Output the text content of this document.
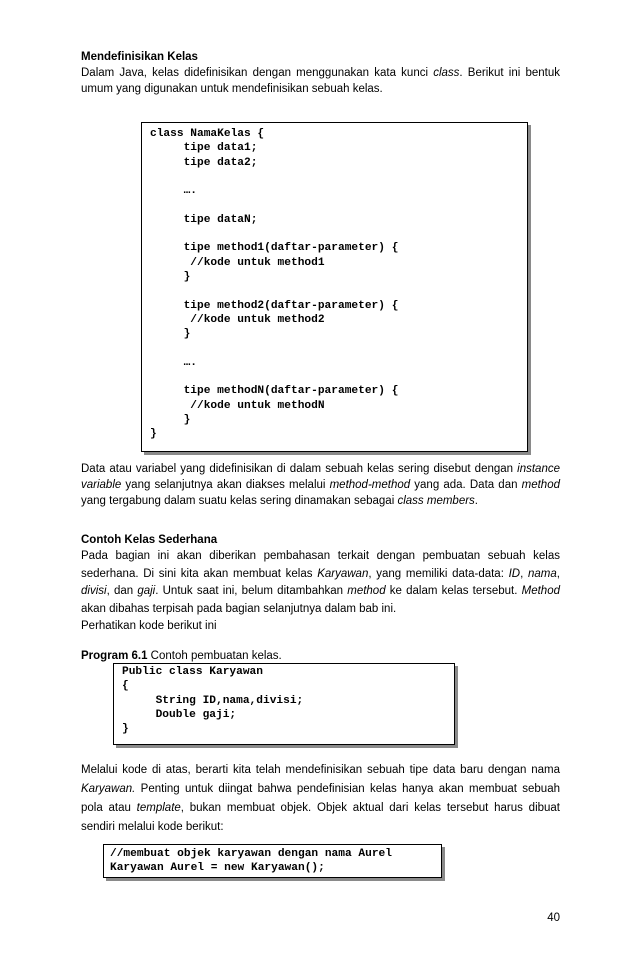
Mendefinisikan Kelas

Dalam Java, kelas didefinisikan dengan menggunakan kata kunci class. Berikut ini bentuk umum yang digunakan untuk mendefinisikan sebuah kelas.

class NamaKelas {
tipe data1;
tipe data2;

….

tipe dataN;

tipe method1(daftar-parameter) {
//kode untuk method1
}

tipe method2(daftar-parameter) {
//kode untuk method2
}

….

tipe methodN(daftar-parameter) {
//kode untuk methodN
}
}

Data atau variabel yang didefinisikan di dalam sebuah kelas sering disebut dengan instance variable yang selanjutnya akan diakses melalui method-method yang ada. Data dan method yang tergabung dalam suatu kelas sering dinamakan sebagai class members.

Contoh Kelas Sederhana

Pada bagian ini akan diberikan pembahasan terkait dengan pembuatan sebuah kelas sederhana. Di sini kita akan membuat kelas Karyawan, yang memiliki data-data: ID, nama, divisi, dan gaji. Untuk saat ini, belum ditambahkan method ke dalam kelas tersebut. Method akan dibahas terpisah pada bagian selanjutnya dalam bab ini.
Perhatikan kode berikut ini

Program 6.1 Contoh pembuatan kelas.

Public class Karyawan
{
String ID,nama,divisi;
Double gaji;
}

Melalui kode di atas, berarti kita telah mendefinisikan sebuah tipe data baru dengan nama Karyawan. Penting untuk diingat bahwa pendefinisian kelas hanya akan membuat sebuah pola atau template, bukan membuat objek. Objek aktual dari kelas tersebut harus dibuat sendiri melalui kode berikut:

//membuat objek karyawan dengan nama Aurel
Karyawan Aurel = new Karyawan();

40
